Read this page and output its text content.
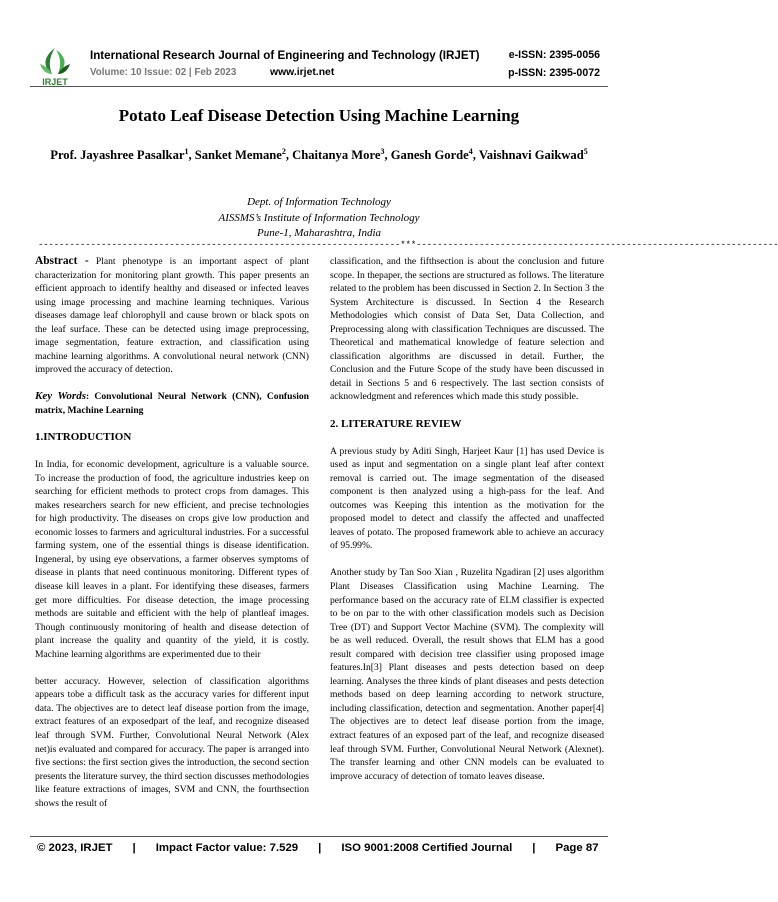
IRJET
International Research Journal of Engineering and Technology (IRJET)	e-ISSN: 2395-0056
Volume: 10 Issue: 02 | Feb 2023	www.irjet.net	p-ISSN: 2395-0072
Potato Leaf Disease Detection Using Machine Learning
Prof. Jayashree Pasalkar$^1$, Sanket Memane$^2$, Chaitanya More$^3$, Ganesh Gorde$^4$, Vaishnavi Gaikwad$^5$
Dept. of Information Technology
AISSMS’s Institute of Information Technology
Pune-1, Maharashtra, India
---------------------------------------------------------------------***---------------------------------------------------------------------

Abstract - Plant phenotype is an important aspect of plant characterization for monitoring plant growth. This paper presents an efficient approach to identify healthy and diseased or infected leaves using image processing and machine learning techniques. Various diseases damage leaf chlorophyll and cause brown or black spots on the leaf surface. These can be detected using image preprocessing, image segmentation, feature extraction, and classification using machine learning algorithms. A convolutional neural network (CNN) improved the accuracy of detection.

Key Words: Convolutional Neural Network (CNN), Confusion matrix, Machine Learning

1.INTRODUCTION

In India, for economic development, agriculture is a valuable source. To increase the production of food, the agriculture industries keep on searching for efficient methods to protect crops from damages. This makes researchers search for new efficient, and precise technologies for high productivity. The diseases on crops give low production and economic losses to farmers and agricultural industries. For a successful farming system, one of the essential things is disease identification. Ingeneral, by using eye observations, a farmer observes symptoms of disease in plants that need continuous monitoring. Different types of disease kill leaves in a plant. For identifying these diseases, farmers get more difficulties. For disease detection, the image processing methods are suitable and efficient with the help of plantleaf images. Though continuously monitoring of health and disease detection of plant increase the quality and quantity of the yield, it is costly. Machine learning algorithms are experimented due to their

better accuracy. However, selection of classification algorithms appears tobe a difficult task as the accuracy varies for different input data. The objectives are to detect leaf disease portion from the image, extract features of an exposedpart of the leaf, and recognize diseased leaf through SVM. Further, Convolutional Neural Network (Alex net)is evaluated and compared for accuracy. The paper is arranged into five sections: the first section gives the introduction, the second section presents the literature survey, the third section discusses methodologies like feature extractions of images, SVM and CNN, the fourthsection shows the result of

classification, and the fifthsection is about the conclusion and future scope. In thepaper, the sections are structured as follows. The literature related to the problem has been discussed in Section 2. In Section 3 the System Architecture is discussed. In Section 4 the Research Methodologies which consist of Data Set, Data Collection, and Preprocessing along with classification Techniques are discussed. The Theoretical and mathematical knowledge of feature selection and classification algorithms are discussed in detail. Further, the Conclusion and the Future Scope of the study have been discussed in detail in Sections 5 and 6 respectively. The last section consists of acknowledgment and references which made this study possible.

2. LITERATURE REVIEW

A previous study by Aditi Singh, Harjeet Kaur [1] has used Device is used as input and segmentation on a single plant leaf after context removal is carried out. The image segmentation of the diseased component is then analyzed using a high-pass for the leaf. And outcomes was Keeping this intention as the motivation for the proposed model to detect and classify the affected and unaffected leaves of potato. The proposed framework able to achieve an accuracy of 95.99%.

Another study by Tan Soo Xian , Ruzelita Ngadiran [2] uses algorithm Plant Diseases Classification using Machine Learning. The performance based on the accuracy rate of ELM classifier is expected to be on par to the with other classification models such as Decision Tree (DT) and Support Vector Machine (SVM). The complexity will be as well reduced. Overall, the result shows that ELM has a good result compared with decision tree classifier using proposed image features.In[3] Plant diseases and pests detection based on deep learning. Analyses the three kinds of plant diseases and pests detection methods based on deep learning according to network structure, including classification, detection and segmentation. Another paper[4] The objectives are to detect leaf disease portion from the image, extract features of an exposed part of the leaf, and recognize diseased leaf through SVM. Further, Convolutional Neural Network (Alexnet). The transfer learning and other CNN models can be evaluated to improve accuracy of detection of tomato leaves disease.

© 2023, IRJET | Impact Factor value: 7.529 | ISO 9001:2008 Certified Journal | Page 87
